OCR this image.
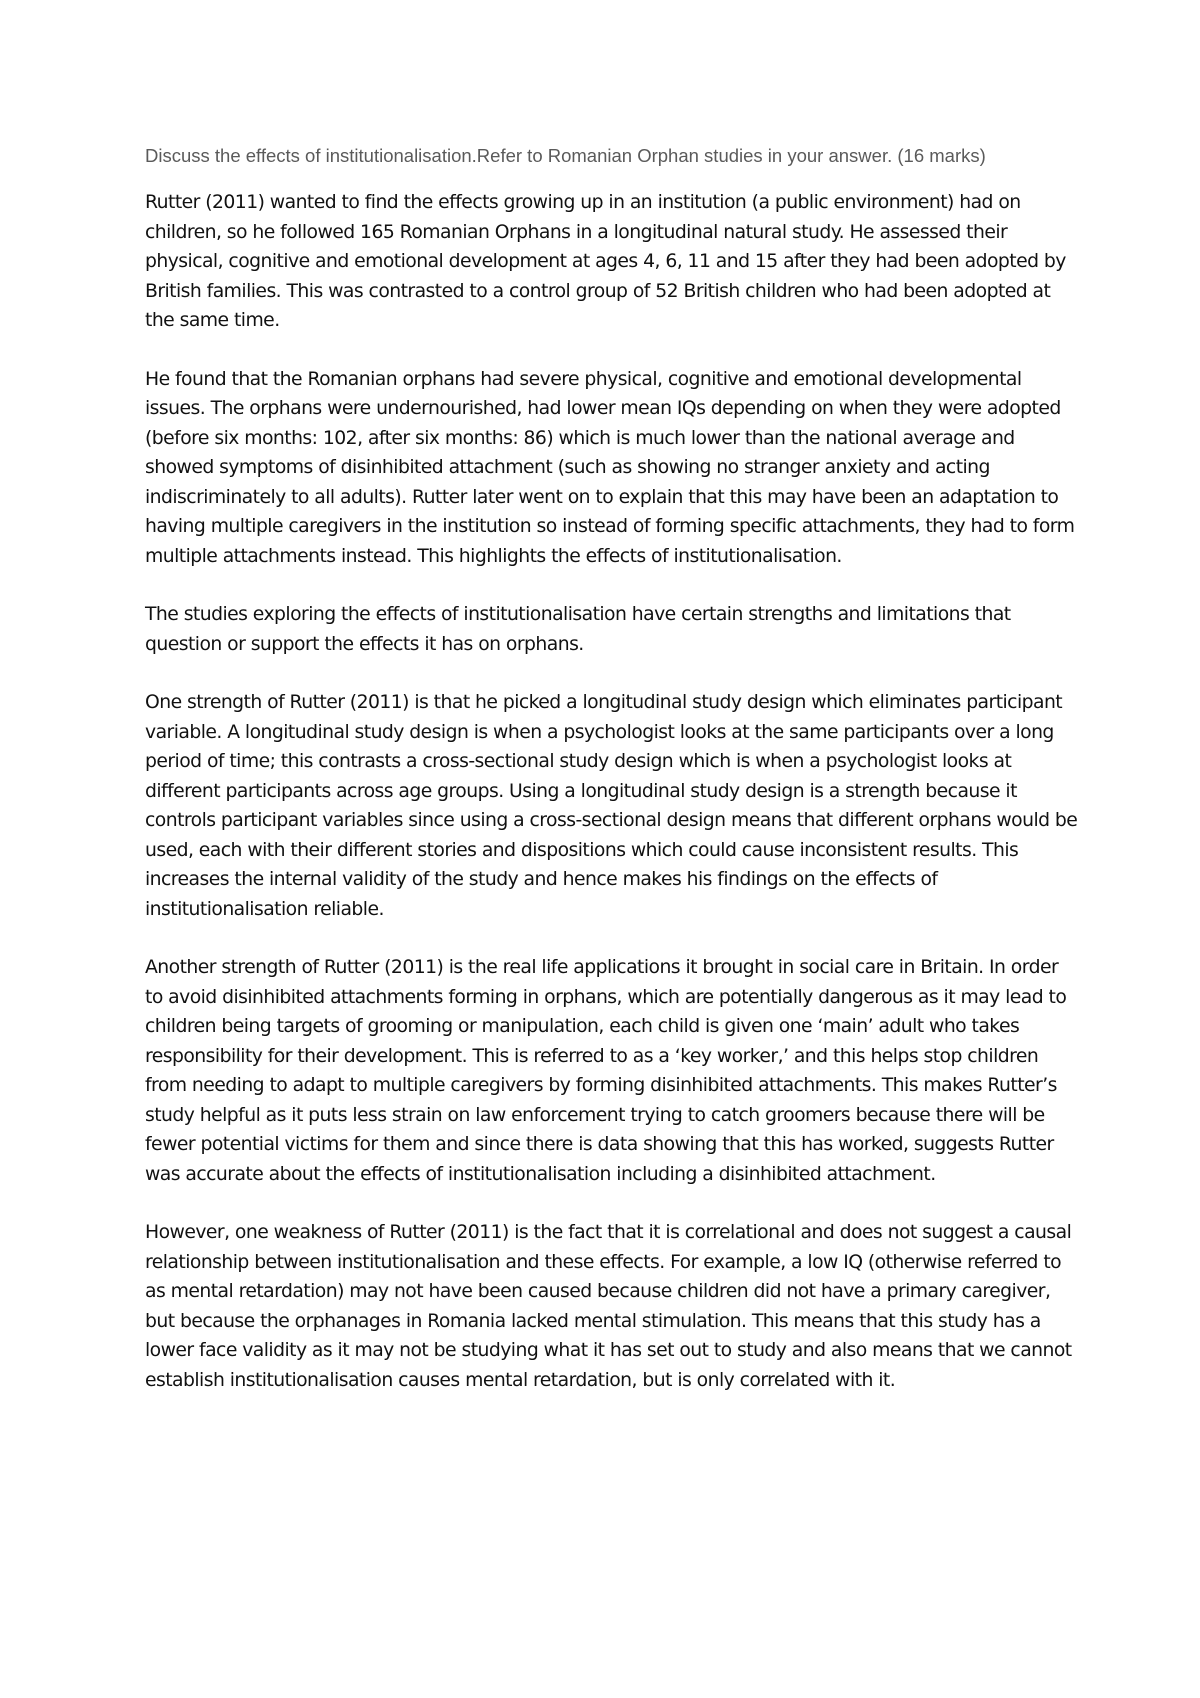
Discuss the effects of institutionalisation.Refer to Romanian Orphan studies in your answer. (16 marks)

Rutter (2011) wanted to find the effects growing up in an institution (a public environment) had on children, so he followed 165 Romanian Orphans in a longitudinal natural study. He assessed their physical, cognitive and emotional development at ages 4, 6, 11 and 15 after they had been adopted by British families. This was contrasted to a control group of 52 British children who had been adopted at the same time.

He found that the Romanian orphans had severe physical, cognitive and emotional developmental issues. The orphans were undernourished, had lower mean IQs depending on when they were adopted (before six months: 102, after six months: 86) which is much lower than the national average and showed symptoms of disinhibited attachment (such as showing no stranger anxiety and acting indiscriminately to all adults). Rutter later went on to explain that this may have been an adaptation to having multiple caregivers in the institution so instead of forming specific attachments, they had to form multiple attachments instead. This highlights the effects of institutionalisation.

The studies exploring the effects of institutionalisation have certain strengths and limitations that question or support the effects it has on orphans.

One strength of Rutter (2011) is that he picked a longitudinal study design which eliminates participant variable. A longitudinal study design is when a psychologist looks at the same participants over a long period of time; this contrasts a cross-sectional study design which is when a psychologist looks at different participants across age groups. Using a longitudinal study design is a strength because it controls participant variables since using a cross-sectional design means that different orphans would be used, each with their different stories and dispositions which could cause inconsistent results. This increases the internal validity of the study and hence makes his findings on the effects of institutionalisation reliable.

Another strength of Rutter (2011) is the real life applications it brought in social care in Britain. In order to avoid disinhibited attachments forming in orphans, which are potentially dangerous as it may lead to children being targets of grooming or manipulation, each child is given one ‘main’ adult who takes responsibility for their development. This is referred to as a ‘key worker,’ and this helps stop children from needing to adapt to multiple caregivers by forming disinhibited attachments. This makes Rutter’s study helpful as it puts less strain on law enforcement trying to catch groomers because there will be fewer potential victims for them and since there is data showing that this has worked, suggests Rutter was accurate about the effects of institutionalisation including a disinhibited attachment.

However, one weakness of Rutter (2011) is the fact that it is correlational and does not suggest a causal relationship between institutionalisation and these effects. For example, a low IQ (otherwise referred to as mental retardation) may not have been caused because children did not have a primary caregiver, but because the orphanages in Romania lacked mental stimulation. This means that this study has a lower face validity as it may not be studying what it has set out to study and also means that we cannot establish institutionalisation causes mental retardation, but is only correlated with it.
